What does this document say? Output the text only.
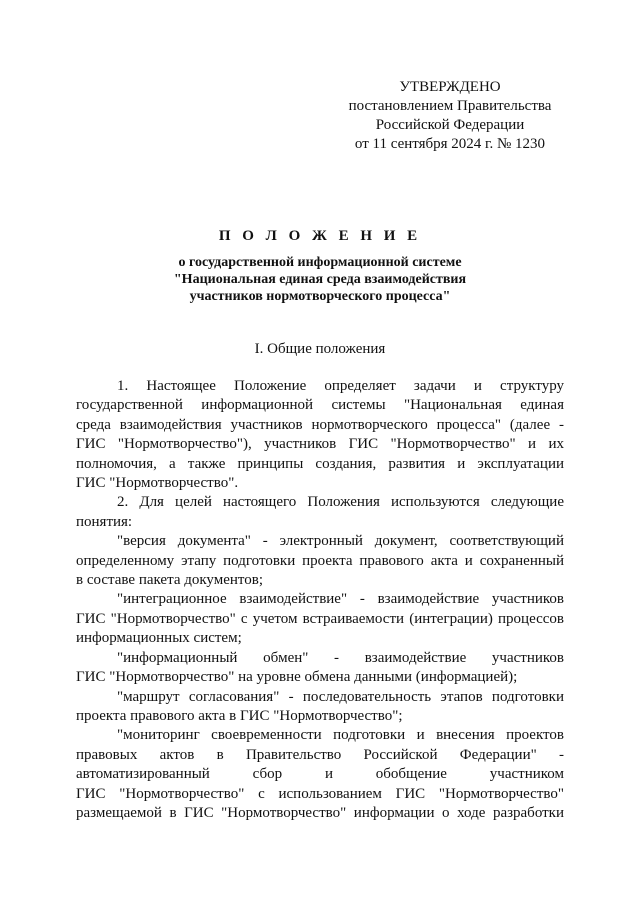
УТВЕРЖДЕНО
постановлением Правительства
Российской Федерации
от 11 сентября 2024 г. № 1230
П О Л О Ж Е Н И Е
о государственной информационной системе
"Национальная единая среда взаимодействия
участников нормотворческого процесса"
I. Общие положения
1. Настоящее Положение определяет задачи и структуру
государственной информационной системы "Национальная единая
среда взаимодействия участников нормотворческого процесса" (далее -
ГИС "Нормотворчество"), участников ГИС "Нормотворчество" и их
полномочия, а также принципы создания, развития и эксплуатации
ГИС "Нормотворчество".
2. Для целей настоящего Положения используются следующие
понятия:
"версия документа" - электронный документ, соответствующий
определенному этапу подготовки проекта правового акта и сохраненный
в составе пакета документов;
"интеграционное взаимодействие" - взаимодействие участников
ГИС "Нормотворчество" с учетом встраиваемости (интеграции) процессов
информационных систем;
"информационный обмен" - взаимодействие участников
ГИС "Нормотворчество" на уровне обмена данными (информацией);
"маршрут согласования" - последовательность этапов подготовки
проекта правового акта в ГИС "Нормотворчество";
"мониторинг своевременности подготовки и внесения проектов
правовых актов в Правительство Российской Федерации" -
автоматизированный сбор и обобщение участником
ГИС "Нормотворчество" с использованием ГИС "Нормотворчество"
размещаемой в ГИС "Нормотворчество" информации о ходе разработки
